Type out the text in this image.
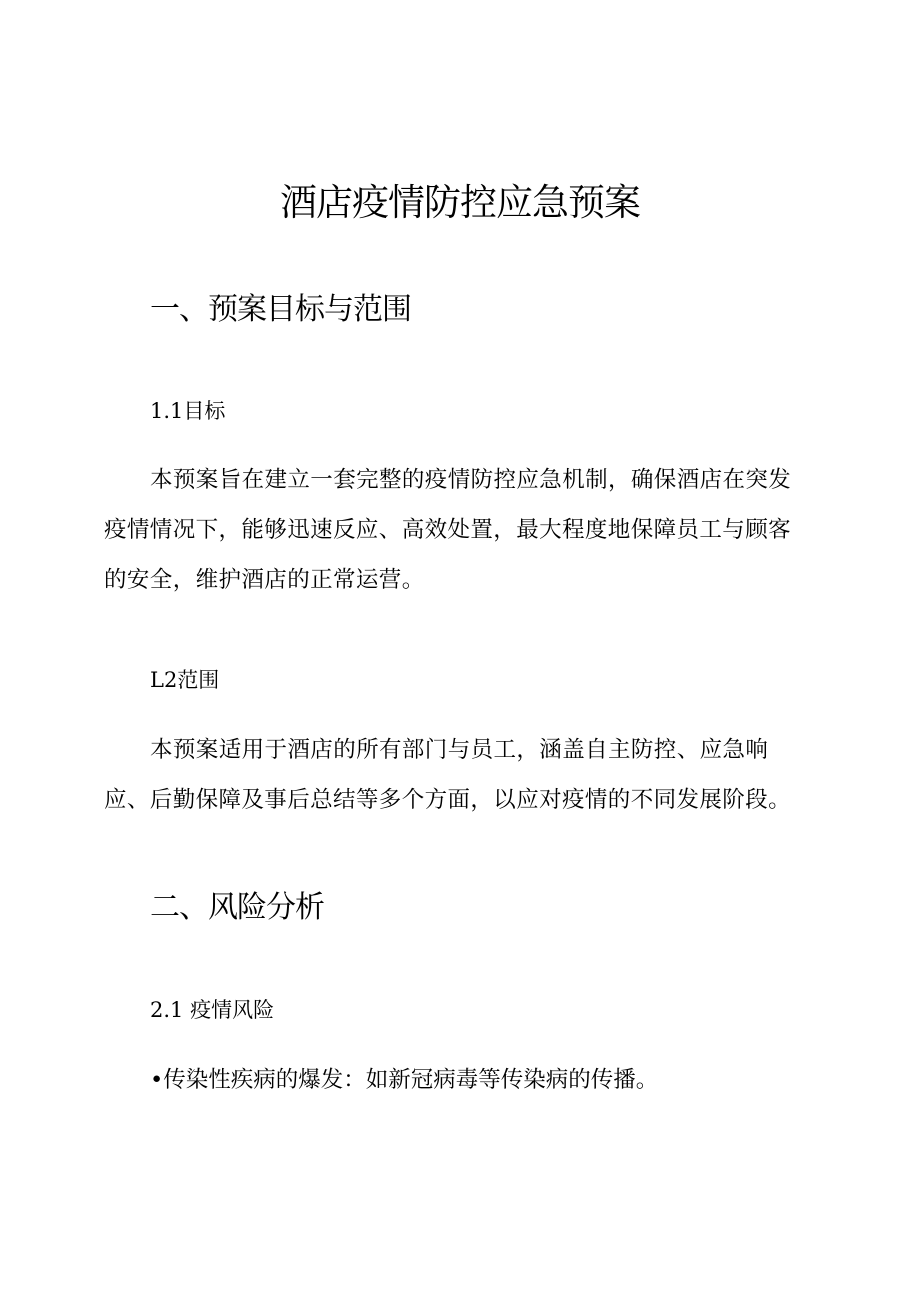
酒店疫情防控应急预案
一、预案目标与范围
1.1目标

本预案旨在建立一套完整的疫情防控应急机制，确保酒店在突发疫情情况下，能够迅速反应、高效处置，最大程度地保障员工与顾客的安全，维护酒店的正常运营。

L2范围

本预案适用于酒店的所有部门与员工，涵盖自主防控、应急响应、后勤保障及事后总结等多个方面，以应对疫情的不同发展阶段。

二、风险分析
2.1 疫情风险

•传染性疾病的爆发：如新冠病毒等传染病的传播。
